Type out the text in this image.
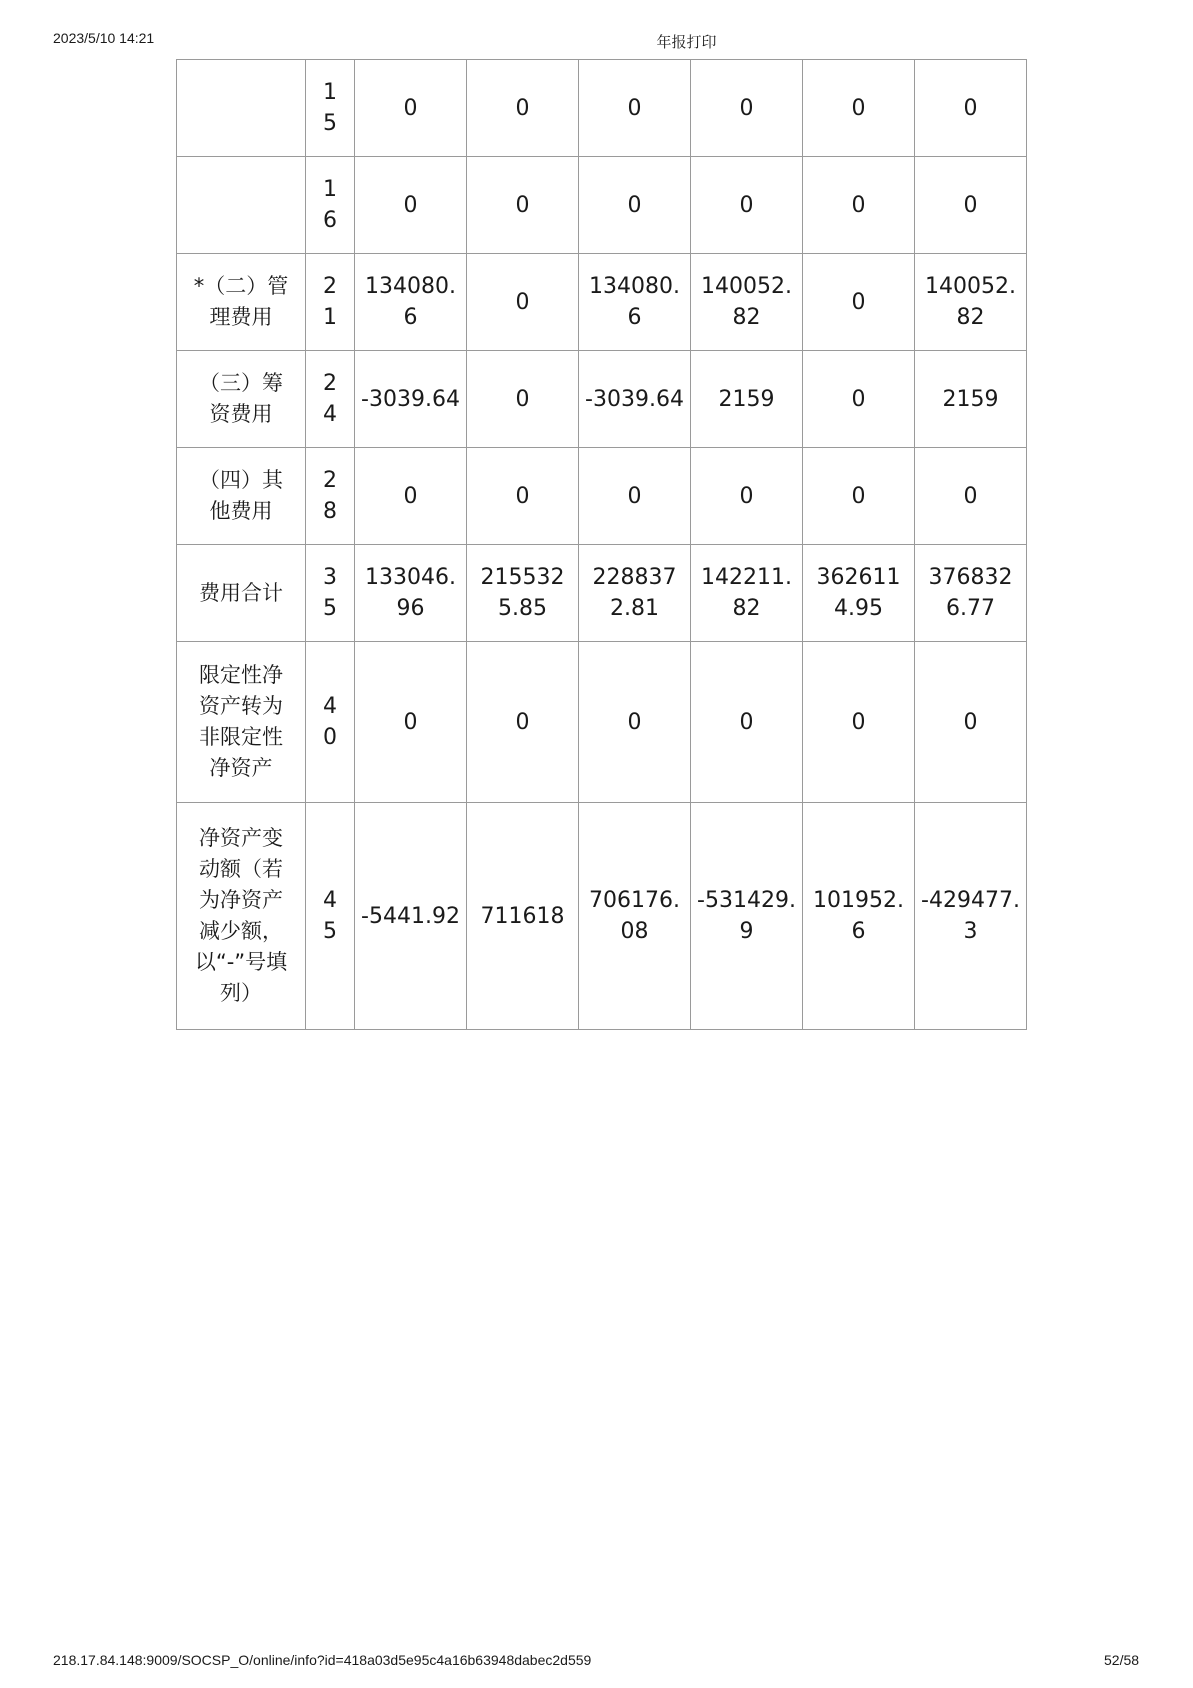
2023/5/10 14:21	年报打印
	15	0	0	0	0	0	0
	16	0	0	0	0	0	0
*（二）管理费用	21	134080.6	0	134080.6	140052.82	0	140052.82
（三）筹资费用	24	-3039.64	0	-3039.64	2159	0	2159
（四）其他费用	28	0	0	0	0	0	0
费用合计	35	133046.96	2155325.85	2288372.81	142211.82	3626114.95	3768326.77
限定性净资产转为非限定性净资产	40	0	0	0	0	0	0
净资产变动额（若为净资产减少额，以“-”号填列）	45	-5441.92	711618	706176.08	-531429.9	101952.6	-429477.3
218.17.84.148:9009/SOCSP_O/online/info?id=418a03d5e95c4a16b63948dabec2d559	52/58
